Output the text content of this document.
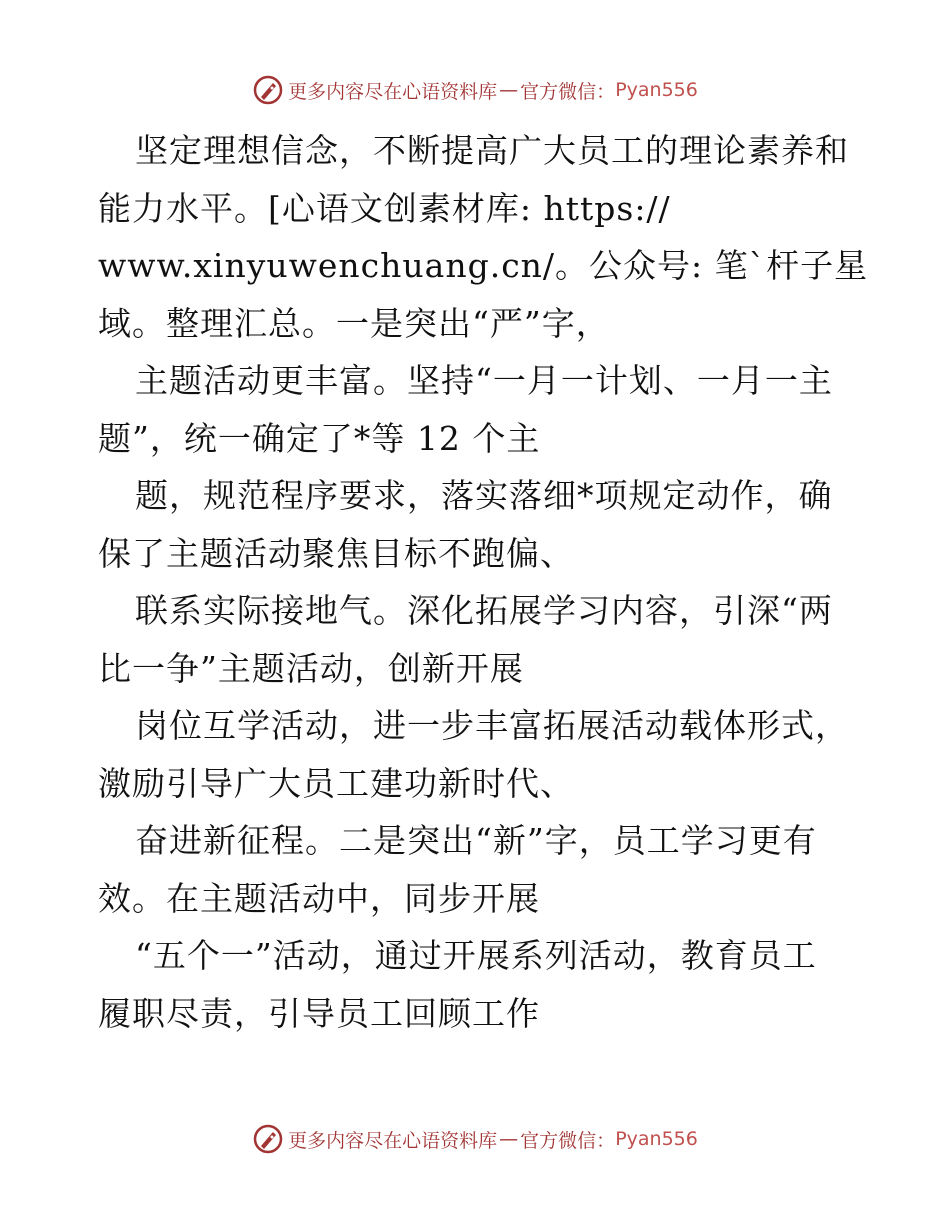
更多内容尽在心语资料库 — 官方微信： Pyan556
坚定理想信念，不断提高广大员工的理论素养和
能力水平。[心语文创素材库: https://
www.xinyuwenchuang.cn/。公众号: 笔`杆子星
域。整理汇总。一是突出“严”字，
主题活动更丰富。坚持“一月一计划、一月一主
题”，统一确定了*等 12 个主
题，规范程序要求，落实落细*项规定动作，确
保了主题活动聚焦目标不跑偏、
联系实际接地气。深化拓展学习内容，引深“两
比一争”主题活动，创新开展
岗位互学活动，进一步丰富拓展活动载体形式，
激励引导广大员工建功新时代、
奋进新征程。二是突出“新”字，员工学习更有
效。在主题活动中，同步开展
“五个一”活动，通过开展系列活动，教育员工
履职尽责，引导员工回顾工作
更多内容尽在心语资料库 — 官方微信： Pyan556
